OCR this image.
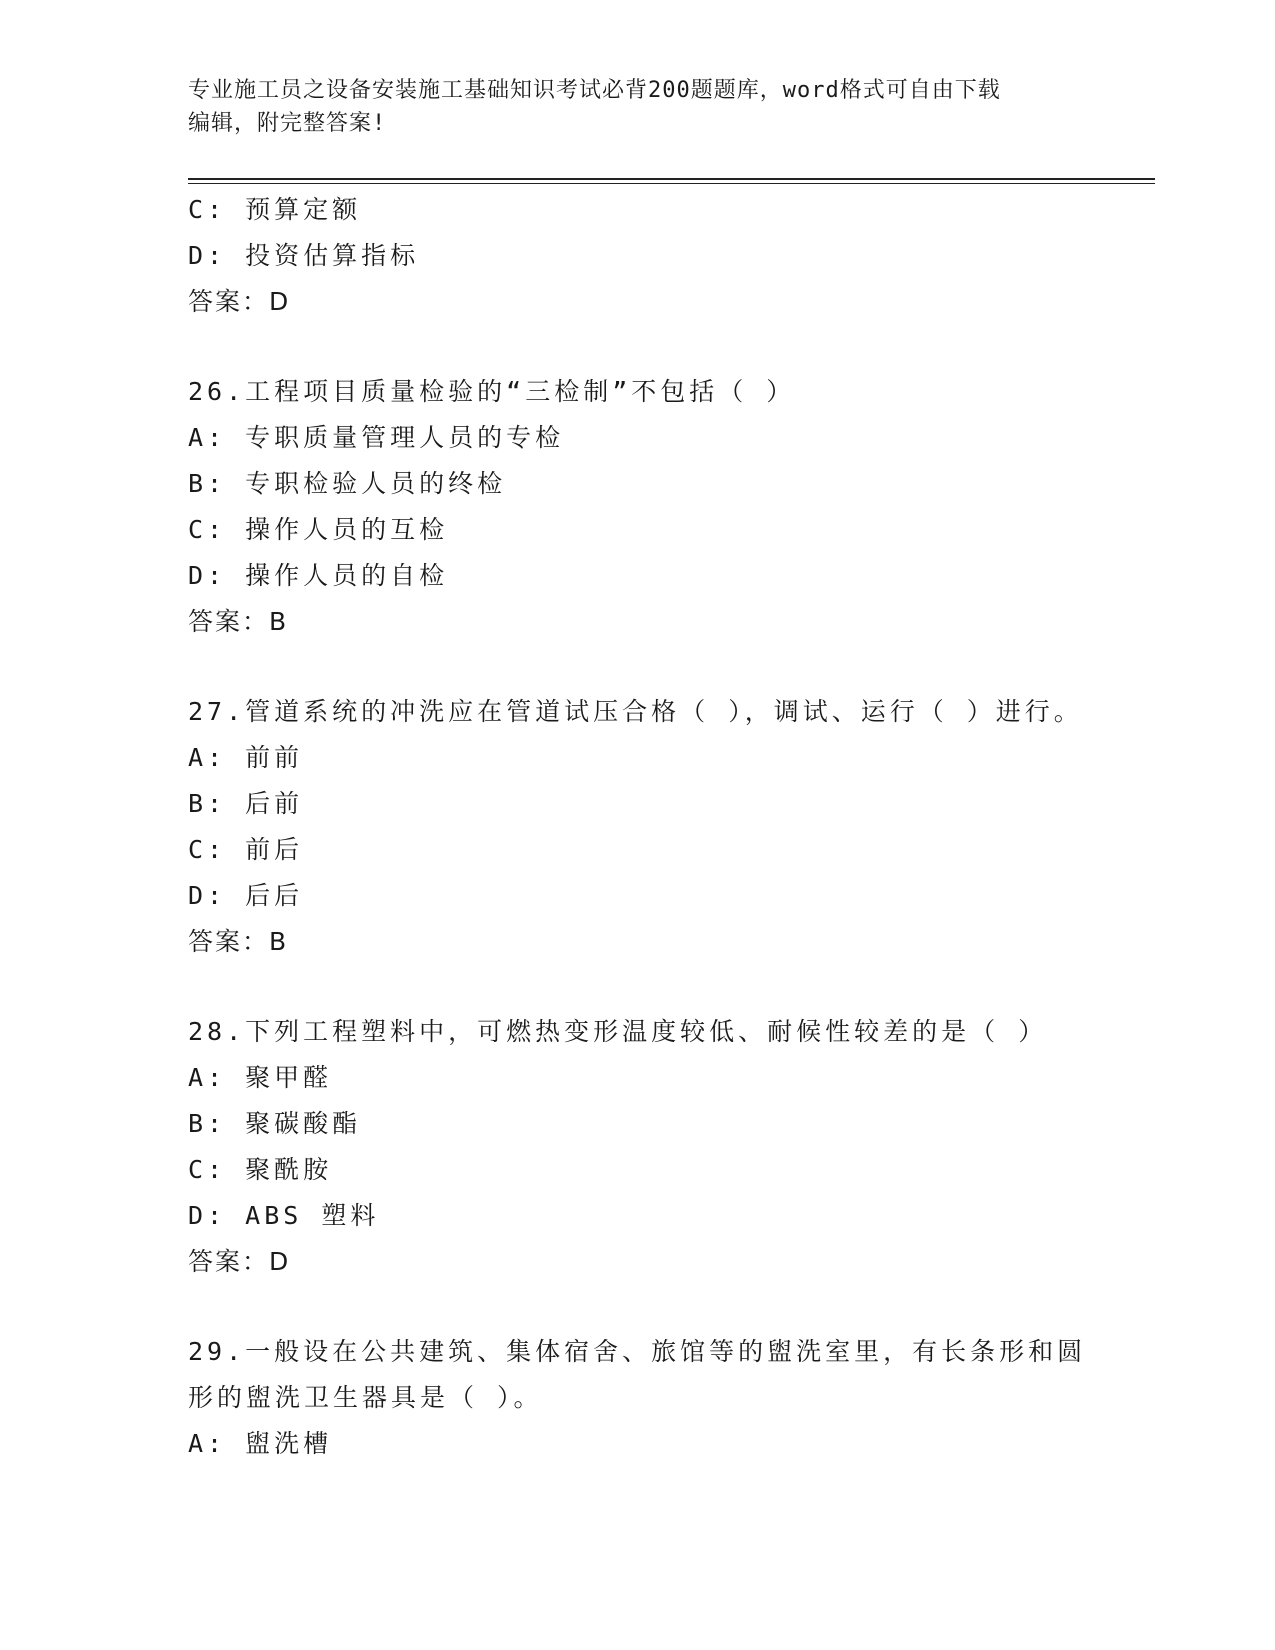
专业施工员之设备安装施工基础知识考试必背200题题库，word格式可自由下载
编辑，附完整答案!
C: 预算定额
D: 投资估算指标
答案：D
26.工程项目质量检验的“三检制”不包括（ ）
A: 专职质量管理人员的专检
B: 专职检验人员的终检
C: 操作人员的互检
D: 操作人员的自检
答案：B
27.管道系统的冲洗应在管道试压合格（ ），调试、运行（ ）进行。
A: 前前
B: 后前
C: 前后
D: 后后
答案：B
28.下列工程塑料中，可燃热变形温度较低、耐候性较差的是（ ）
A: 聚甲醛
B: 聚碳酸酯
C: 聚酰胺
D: ABS 塑料
答案：D
29.一般设在公共建筑、集体宿舍、旅馆等的盥洗室里，有长条形和圆
形的盥洗卫生器具是（ ）。
A: 盥洗槽
